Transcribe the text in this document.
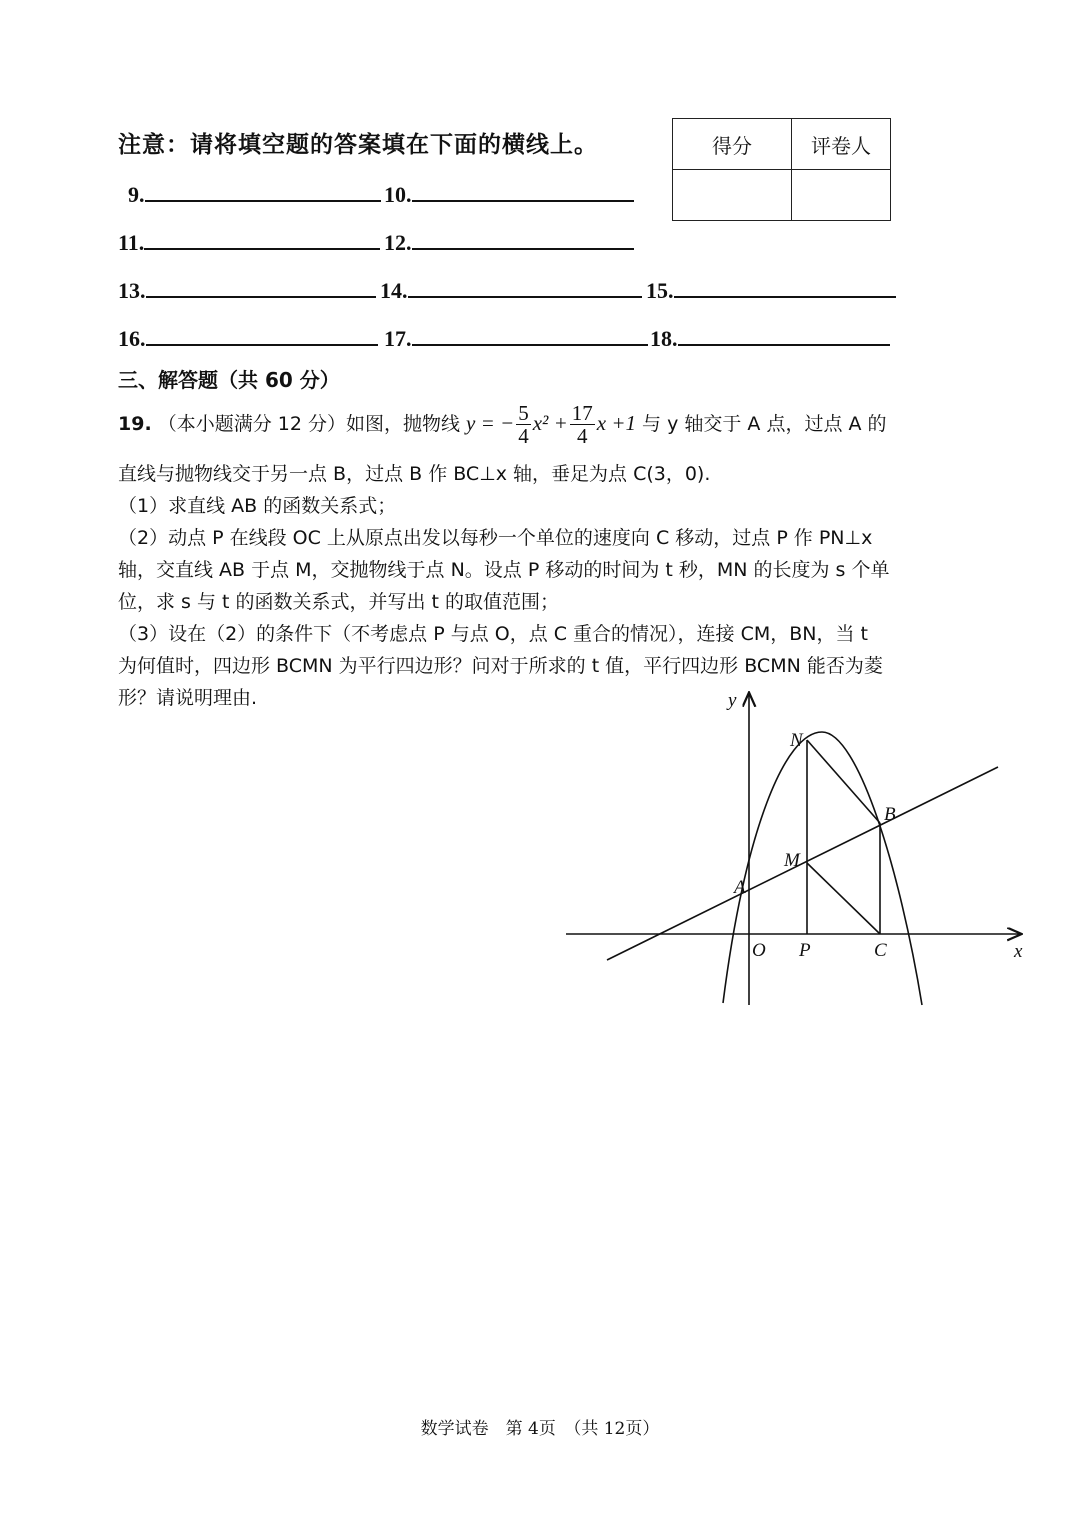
注意：请将填空题的答案填在下面的横线上。	得分	评卷人

9.	10.
11.	12.
13.	14.	15.
16.	17.	18.
三、解答题（共 60 分）
19. （本小题满分 12 分）如图，抛物线 y = − $\frac{5}{4} x^2 + \frac{17}{4}$ x +1 与 y 轴交于 A 点，过点 A 的
直线与抛物线交于另一点 B，过点 B 作 BC⊥x 轴，垂足为点 C(3，0).
（1）求直线 AB 的函数关系式；
（2）动点 P 在线段 OC 上从原点出发以每秒一个单位的速度向 C 移动，过点 P 作 PN⊥x
轴，交直线 AB 于点 M，交抛物线于点 N。设点 P 移动的时间为 t 秒，MN 的长度为 s 个单
位，求 s 与 t 的函数关系式，并写出 t 的取值范围；
（3）设在（2）的条件下（不考虑点 P 与点 O，点 C 重合的情况），连接 CM，BN，当 t
为何值时，四边形 BCMN 为平行四边形？问对于所求的 t 值，平行四边形 BCMN 能否为菱
形？请说明理由.	y
x
N
B
M
A
O P	C
数学试卷　第 4页　（共 12页）
